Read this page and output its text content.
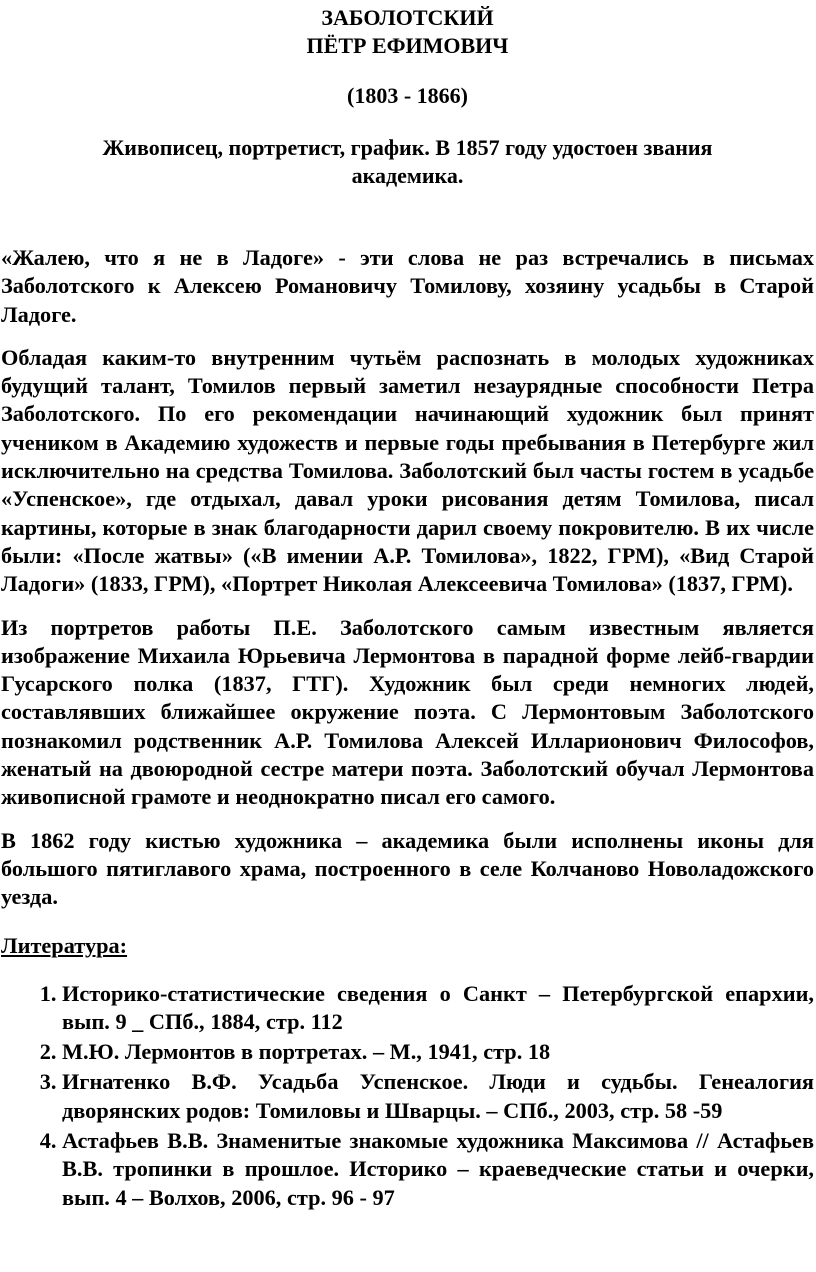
ЗАБОЛОТСКИЙ
ПЁТР ЕФИМОВИЧ
(1803 - 1866)
Живописец, портретист, график. В 1857 году удостоен звания академика.

«Жалею, что я не в Ладоге» - эти слова не раз встречались в письмах Заболотского к Алексею Романовичу Томилову, хозяину усадьбы в Старой Ладоге.

Обладая каким-то внутренним чутьём распознать в молодых художниках будущий талант, Томилов первый заметил незаурядные способности Петра Заболотского. По его рекомендации начинающий художник был принят учеником в Академию художеств и первые годы пребывания в Петербурге жил исключительно на средства Томилова. Заболотский был часты гостем в усадьбе «Успенское», где отдыхал, давал уроки рисования детям Томилова, писал картины, которые в знак благодарности дарил своему покровителю. В их числе были: «После жатвы» («В имении А.Р. Томилова», 1822, ГРМ), «Вид Старой Ладоги» (1833, ГРМ), «Портрет Николая Алексеевича Томилова» (1837, ГРМ).

Из портретов работы П.Е. Заболотского самым известным является изображение Михаила Юрьевича Лермонтова в парадной форме лейб-гвардии Гусарского полка (1837, ГТГ). Художник был среди немногих людей, составлявших ближайшее окружение поэта. С Лермонтовым Заболотского познакомил родственник А.Р. Томилова Алексей Илларионович Философов, женатый на двоюродной сестре матери поэта. Заболотский обучал Лермонтова живописной грамоте и неоднократно писал его самого.

В 1862 году кистью художника – академика были исполнены иконы для большого пятиглавого храма, построенного в селе Колчаново Новоладожского уезда.

Литература:
1. Историко-статистические сведения о Санкт – Петербургской епархии, вып. 9 _ СПб., 1884, стр. 112
2. М.Ю. Лермонтов в портретах. – М., 1941, стр. 18
3. Игнатенко В.Ф. Усадьба Успенское. Люди и судьбы. Генеалогия дворянских родов: Томиловы и Шварцы. – СПб., 2003, стр. 58 -59
4. Астафьев В.В. Знаменитые знакомые художника Максимова // Астафьев В.В. тропинки в прошлое. Историко – краеведческие статьи и очерки, вып. 4 – Волхов, 2006, стр. 96 - 97
